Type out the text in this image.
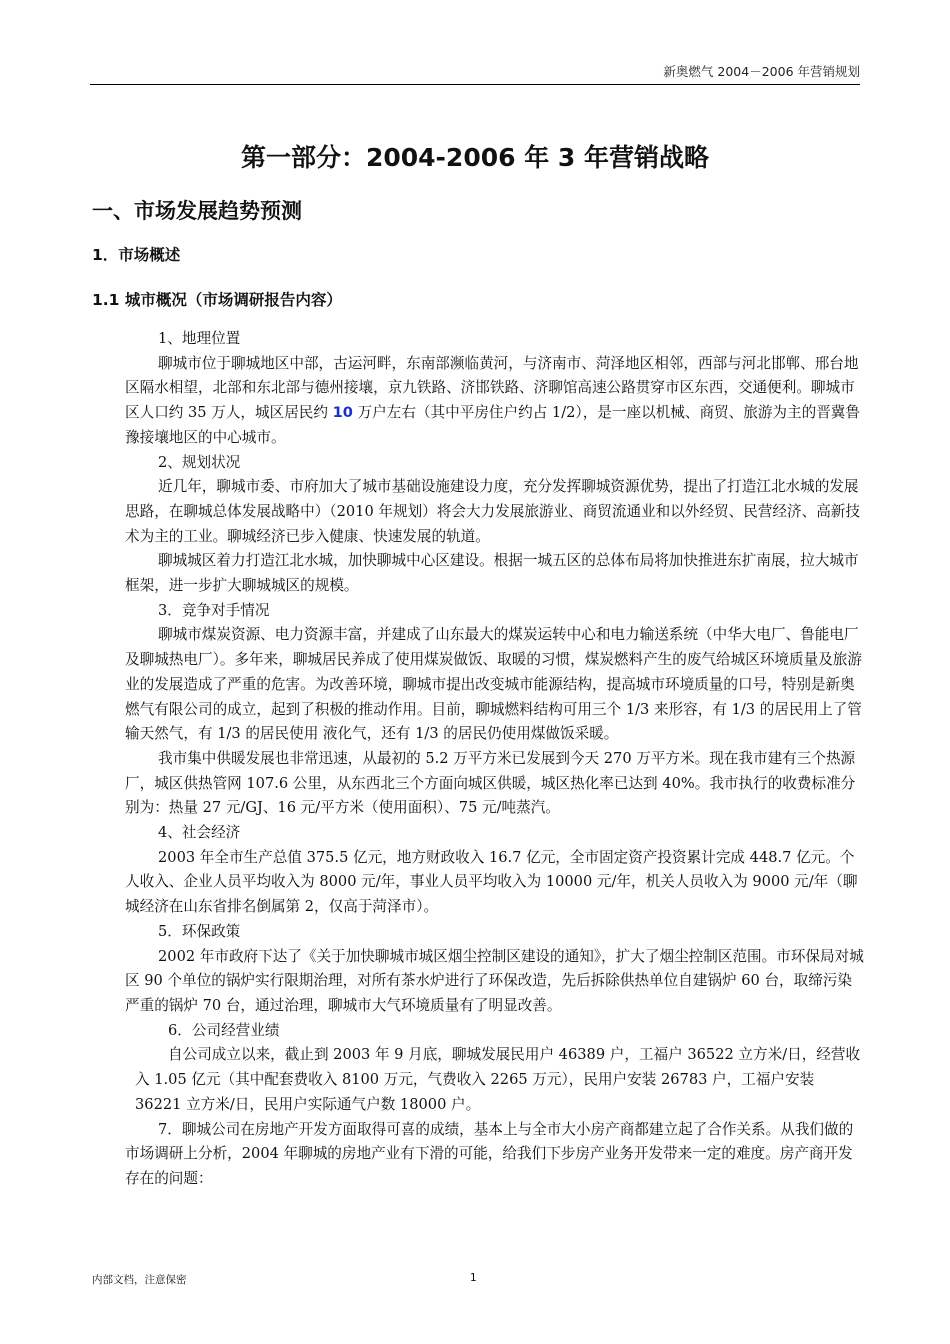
新奥燃气 2004－2006 年营销规划
第一部分：2004-2006 年 3 年营销战略
一、市场发展趋势预测
1．市场概述
1.1 城市概况（市场调研报告内容）

1、地理位置

聊城市位于聊城地区中部，古运河畔，东南部濒临黄河，与济南市、菏泽地区相邻，西部与河北邯郸、邢台地区隔水相望，北部和东北部与德州接壤，京九铁路、济邯铁路、济聊馆高速公路贯穿市区东西，交通便利。聊城市区人口约 35 万人，城区居民约 10 万户左右（其中平房住户约占 1/2），是一座以机械、商贸、旅游为主的晋冀鲁豫接壤地区的中心城市。

2、规划状况

近几年，聊城市委、市府加大了城市基础设施建设力度，充分发挥聊城资源优势，提出了打造江北水城的发展思路，在聊城总体发展战略中）（2010 年规划）将会大力发展旅游业、商贸流通业和以外经贸、民营经济、高新技术为主的工业。聊城经济已步入健康、快速发展的轨道。

聊城城区着力打造江北水城，加快聊城中心区建设。根据一城五区的总体布局将加快推进东扩南展，拉大城市框架，进一步扩大聊城城区的规模。

3．竞争对手情况

聊城市煤炭资源、电力资源丰富，并建成了山东最大的煤炭运转中心和电力输送系统（中华大电厂、鲁能电厂及聊城热电厂）。多年来，聊城居民养成了使用煤炭做饭、取暖的习惯，煤炭燃料产生的废气给城区环境质量及旅游业的发展造成了严重的危害。为改善环境，聊城市提出改变城市能源结构，提高城市环境质量的口号，特别是新奥燃气有限公司的成立，起到了积极的推动作用。目前，聊城燃料结构可用三个 1/3 来形容，有 1/3 的居民用上了管输天然气，有 1/3 的居民使用 液化气，还有 1/3 的居民仍使用煤做饭采暖。

我市集中供暖发展也非常迅速，从最初的 5.2 万平方米已发展到今天 270 万平方米。现在我市建有三个热源厂，城区供热管网 107.6 公里，从东西北三个方面向城区供暖，城区热化率已达到 40%。我市执行的收费标准分别为：热量 27 元/GJ、16 元/平方米（使用面积）、75 元/吨蒸汽。

4、社会经济

2003 年全市生产总值 375.5 亿元，地方财政收入 16.7 亿元，全市固定资产投资累计完成 448.7 亿元。个人收入、企业人员平均收入为 8000 元/年，事业人员平均收入为 10000 元/年，机关人员收入为 9000 元/年（聊城经济在山东省排名倒属第 2，仅高于菏泽市）。

5．环保政策

2002 年市政府下达了《关于加快聊城市城区烟尘控制区建设的通知》，扩大了烟尘控制区范围。市环保局对城区 90 个单位的锅炉实行限期治理，对所有茶水炉进行了环保改造，先后拆除供热单位自建锅炉 60 台，取缔污染严重的锅炉 70 台，通过治理，聊城市大气环境质量有了明显改善。

6．公司经营业绩

自公司成立以来，截止到 2003 年 9 月底，聊城发展民用户 46389 户，工福户 36522 立方米/日，经营收入 1.05 亿元（其中配套费收入 8100 万元，气费收入 2265 万元），民用户安装 26783 户，工福户安装 36221 立方米/日，民用户实际通气户数 18000 户。

7．聊城公司在房地产开发方面取得可喜的成绩，基本上与全市大小房产商都建立起了合作关系。从我们做的市场调研上分析，2004 年聊城的房地产业有下滑的可能，给我们下步房产业务开发带来一定的难度。房产商开发存在的问题：

内部文档，注意保密	1
